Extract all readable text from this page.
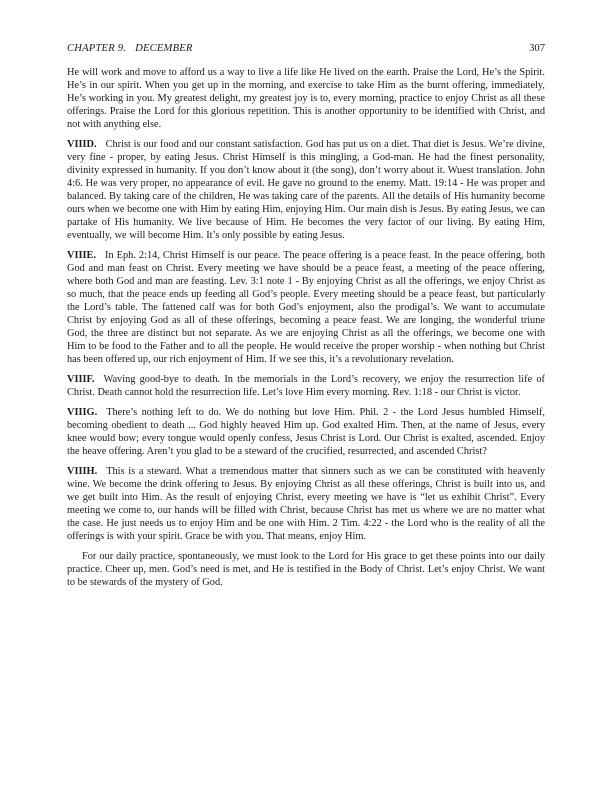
CHAPTER 9. DECEMBER	307

He will work and move to afford us a way to live a life like He lived on the earth. Praise the Lord, He’s the Spirit. He’s in our spirit. When you get up in the morning, and exercise to take Him as the burnt offering, immediately, He’s working in you. My greatest delight, my greatest joy is to, every morning, practice to enjoy Christ as all these offerings. Praise the Lord for this glorious repetition. This is another opportunity to be identified with Christ, and not with anything else.

VIIID. Christ is our food and our constant satisfaction. God has put us on a diet. That diet is Jesus. We’re divine, very fine - proper, by eating Jesus. Christ Himself is this mingling, a God-man. He had the finest personality, divinity expressed in humanity. If you don’t know about it (the song), don’t worry about it. Wuest translation. John 4:6. He was very proper, no appearance of evil. He gave no ground to the enemy. Matt. 19:14 - He was proper and balanced. By taking care of the children, He was taking care of the parents. All the details of His humanity become ours when we become one with Him by eating Him, enjoying Him. Our main dish is Jesus. By eating Jesus, we can partake of His humanity. We live because of Him. He becomes the very factor of our living. By eating Him, eventually, we will become Him. It’s only possible by eating Jesus.

VIIIE. In Eph. 2:14, Christ Himself is our peace. The peace offering is a peace feast. In the peace offering, both God and man feast on Christ. Every meeting we have should be a peace feast, a meeting of the peace offering, where both God and man are feasting. Lev. 3:1 note 1 - By enjoying Christ as all the offerings, we enjoy Christ as so much, that the peace ends up feeding all God’s people. Every meeting should be a peace feast, but particularly the Lord’s table. The fattened calf was for both God’s enjoyment, also the prodigal’s. We want to accumulate Christ by enjoying God as all of these offerings, becoming a peace feast. We are longing, the wonderful triune God, the three are distinct but not separate. As we are enjoying Christ as all the offerings, we become one with Him to be food to the Father and to all the people. He would receive the proper worship - when nothing but Christ has been offered up, our rich enjoyment of Him. If we see this, it’s a revolutionary revelation.

VIIIF. Waving good-bye to death. In the memorials in the Lord’s recovery, we enjoy the resurrection life of Christ. Death cannot hold the resurrection life. Let’s love Him every morning. Rev. 1:18 - our Christ is victor.

VIIIG. There’s nothing left to do. We do nothing but love Him. Phil. 2 - the Lord Jesus humbled Himself, becoming obedient to death ... God highly heaved Him up. God exalted Him. Then, at the name of Jesus, every knee would bow; every tongue would openly confess, Jesus Christ is Lord. Our Christ is exalted, ascended. Enjoy the heave offering. Aren’t you glad to be a steward of the crucified, resurrected, and ascended Christ?

VIIIH. This is a steward. What a tremendous matter that sinners such as we can be constituted with heavenly wine. We become the drink offering to Jesus. By enjoying Christ as all these offerings, Christ is built into us, and we get built into Him. As the result of enjoying Christ, every meeting we have is “let us exhibit Christ”. Every meeting we come to, our hands will be filled with Christ, because Christ has met us where we are no matter what the case. He just needs us to enjoy Him and be one with Him. 2 Tim. 4:22 - the Lord who is the reality of all the offerings is with your spirit. Grace be with you. That means, enjoy Him.

For our daily practice, spontaneously, we must look to the Lord for His grace to get these points into our daily practice. Cheer up, men. God’s need is met, and He is testified in the Body of Christ. Let’s enjoy Christ. We want to be stewards of the mystery of God.
